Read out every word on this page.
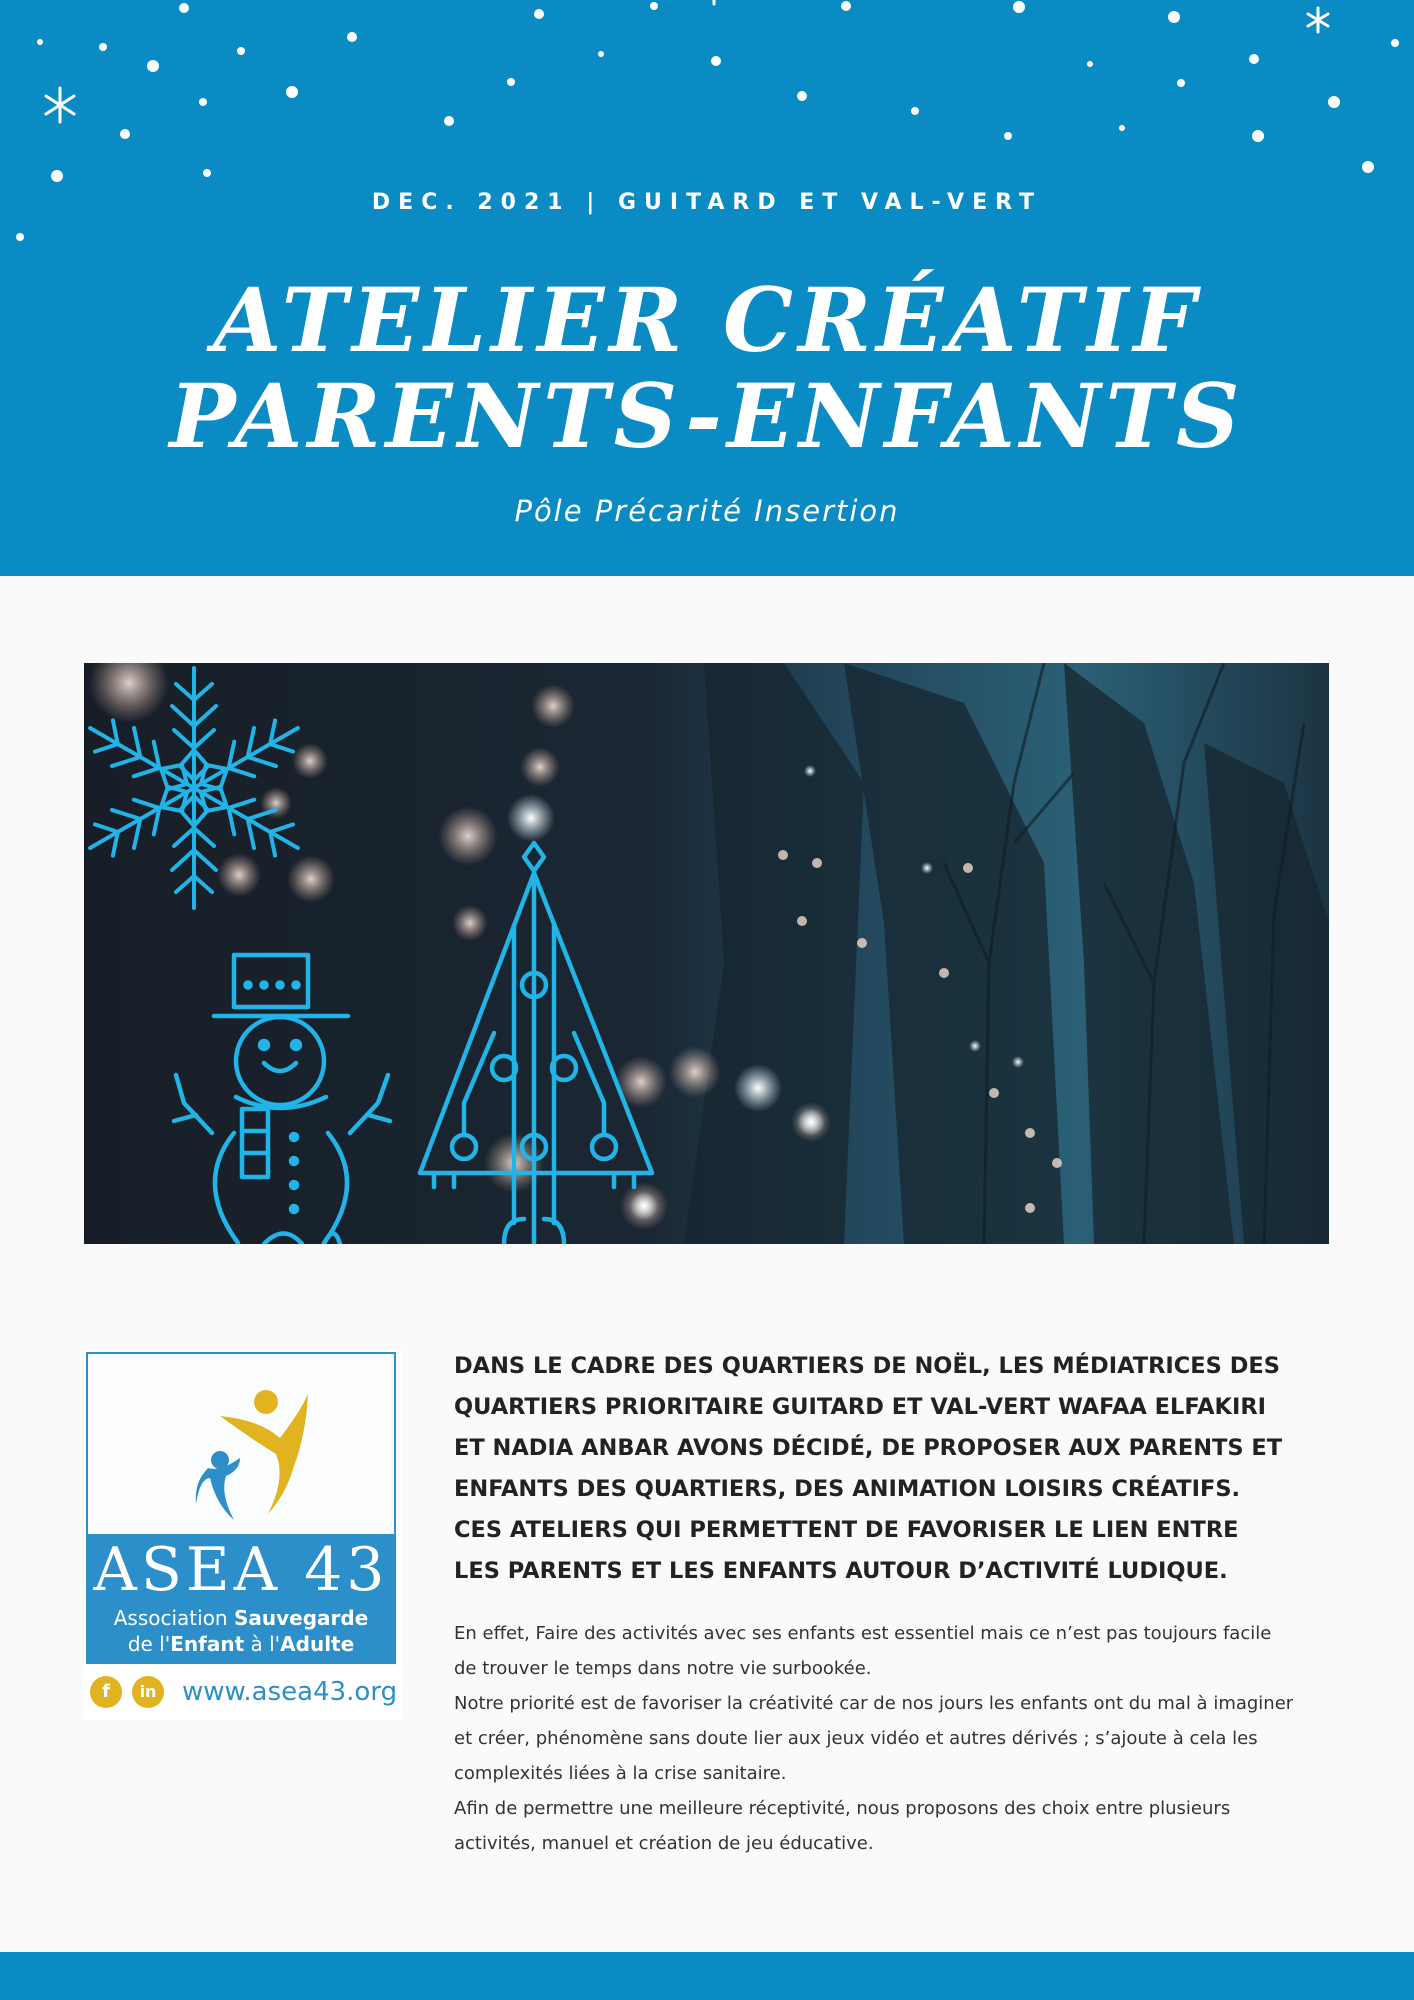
DEC. 2021 | GUITARD ET VAL-VERT
ATELIER CRÉATIF
PARENTS-ENFANTS
Pôle Précarité Insertion
ASEA 43
Association Sauvegarde
de l'Enfant à l'Adulte
f	in www.asea43.org
DANS LE CADRE DES QUARTIERS DE NOËL, LES MÉDIATRICES DES QUARTIERS PRIORITAIRE GUITARD ET VAL-VERT WAFAA ELFAKIRI ET NADIA ANBAR AVONS DÉCIDÉ, DE PROPOSER AUX PARENTS ET ENFANTS DES QUARTIERS, DES ANIMATION LOISIRS CRÉATIFS. CES ATELIERS QUI PERMETTENT DE FAVORISER LE LIEN ENTRE LES PARENTS ET LES ENFANTS AUTOUR D’ACTIVITÉ LUDIQUE.

En effet, Faire des activités avec ses enfants est essentiel mais ce n’est pas toujours facile de trouver le temps dans notre vie surbookée.

Notre priorité est de favoriser la créativité car de nos jours les enfants ont du mal à imaginer et créer, phénomène sans doute lier aux jeux vidéo et autres dérivés ; s’ajoute à cela les complexités liées à la crise sanitaire.

Afin de permettre une meilleure réceptivité, nous proposons des choix entre plusieurs activités, manuel et création de jeu éducative.
